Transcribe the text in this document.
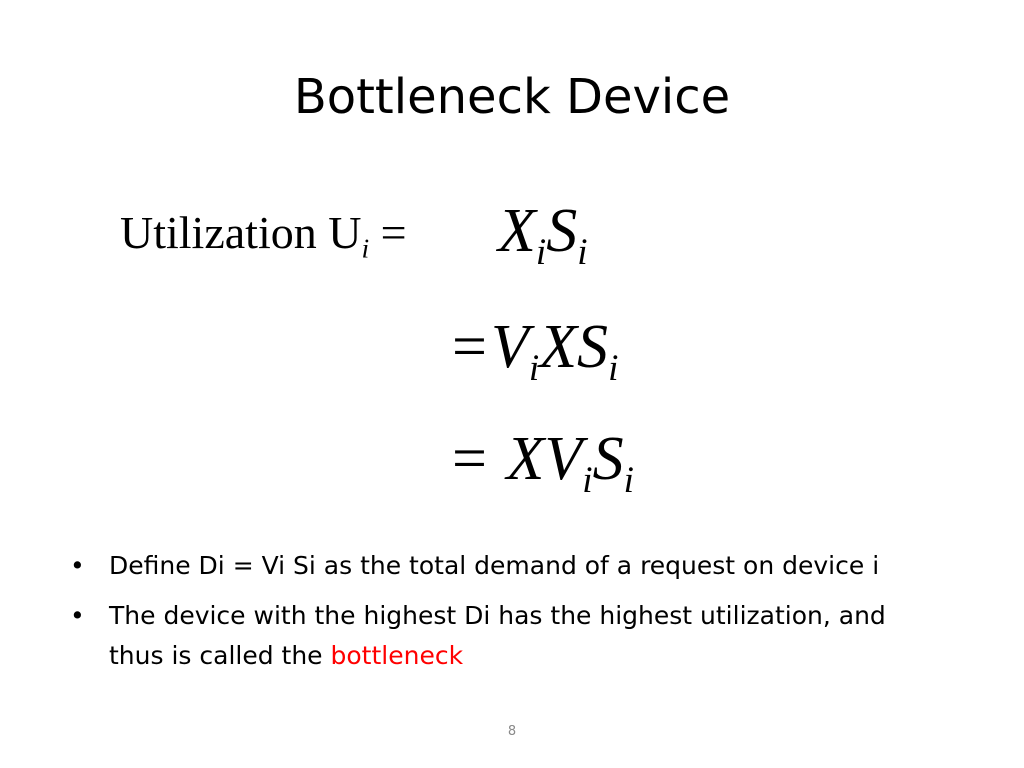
Bottleneck Device
Utilization $U_i = X_iS_i$
$=V_iXS_i$
= $XV_iS_i$
• Define Di = Vi Si as the total demand of a request on device i
• The device with the highest Di has the highest utilization, and thus is called the bottleneck
8
